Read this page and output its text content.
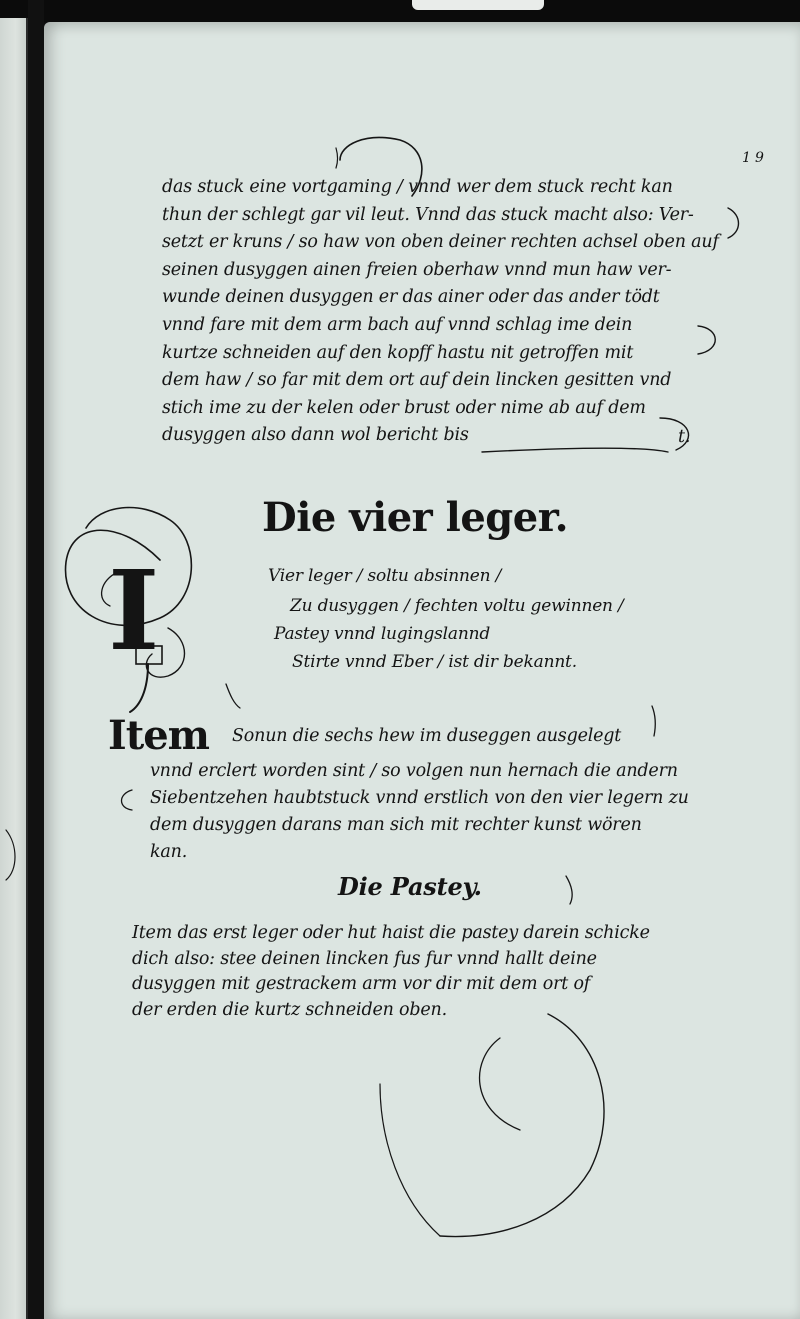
1 9
das stuck eine vortgaming / vnnd wer dem stuck recht kan
thun der schlegt gar vil leut. Vnnd das stuck macht also: Ver-
setzt er kruns / so haw von oben deiner rechten achsel oben auf
seinen dusyggen ainen freien oberhaw vnnd mun haw ver-
wunde deinen dusyggen er das ainer oder das ander tödt
vnnd fare mit dem arm bach auf vnnd schlag ime dein
kurtze schneiden auf den kopff hastu nit getroffen mit
dem haw / so far mit dem ort auf dein lincken gesitten vnd
stich ime zu der kelen oder brust oder nime ab auf dem
dusyggen also dann wol bericht bis	t.
Die vier leger.
I	Vier leger / soltu absinnen /
Zu dusyggen / fechten voltu gewinnen /
Pastey vnnd lugingslannd
Stirte vnnd Eber / ist dir bekannt.
Item Sonun die sechs hew im duseggen ausgelegt
vnnd erclert worden sint / so volgen nun hernach die andern
Siebentzehen haubtstuck vnnd erstlich von den vier legern zu
dem dusyggen darans man sich mit rechter kunst wören
kan.
Die Pastey.
Item das erst leger oder hut haist die pastey darein schicke
dich also: stee deinen lincken fus fur vnnd hallt deine
dusyggen mit gestrackem arm vor dir mit dem ort of
der erden die kurtz schneiden oben.
